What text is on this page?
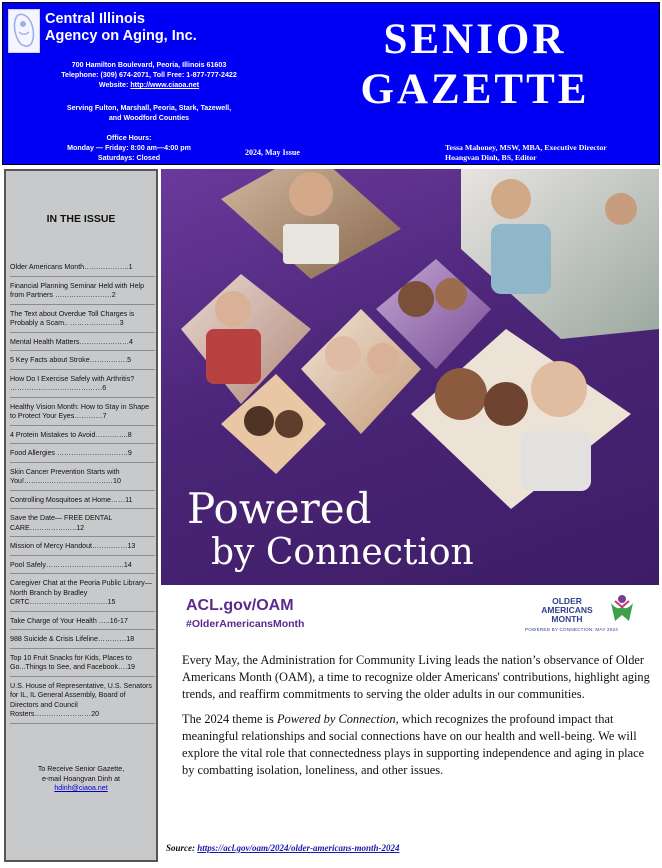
Central Illinois
Agency on Aging, Inc.
700 Hamilton Boulevard, Peoria, Illinois 61603
Telephone: (309) 674-2071, Toll Free: 1-877-777-2422
Website: http://www.ciaoa.net
Serving Fulton, Marshall, Peoria, Stark, Tazewell,
and Woodford Counties
Office Hours:
Monday — Friday: 8:00 am—4:00 pm
Saturdays: Closed
SENIOR
GAZETTE
2024, May Issue
Tessa Mahoney, MSW, MBA, Executive Director
Hoangvan Dinh, BS, Editor
IN THE ISSUE
Older Americans Month……………….1
Financial Planning Seminar Held with Help from Partners ……………………2
The Text about Overdue Toll Charges is Probably a Scam.. …………………3
Mental Health Matters…………………4
5 Key Facts about Stroke…………….5
How Do I Exercise Safely with Arthritis? …………………………………6
Healthy Vision Month: How to Stay in Shape to Protect Your Eyes…………7
4 Protein Mistakes to Avoid…………..8
Food Allergies …………………………9
Skin Cancer Prevention Starts with You!……..…………………………10
Controlling Mosquitoes at Home……11
Save the Date— FREE DENTAL CARE………………..12
Mission of Mercy Handout……………13
Pool Safely……………………………14
Caregiver Chat at the Peoria Public Library—North Branch by Bradley CRTC……………………………15
Take Charge of Your Health …..16-17
988 Suicide & Crisis Lifeline…………18
Top 10 Fruit Snacks for Kids, Places to Go...Things to See, and Facebook….19
U.S. House of Representative, U.S. Senators for IL, IL General Assembly, Board of Directors and Council Rosters……………………20
To Receive Senior Gazette,
e-mail Hoangvan Dinh at
hdinh@ciaoa.net
Powered
by Connection
ACL.gov/OAM
#OlderAmericansMonth
OLDER
AMERICANS
MONTH
POWERED BY CONNECTION: MAY 2024

Every May, the Administration for Community Living leads the nation’s observance of Older Americans Month (OAM), a time to recognize older Americans' contributions, highlight aging trends, and reaffirm commitments to serving the older adults in our communities.

The 2024 theme is Powered by Connection, which recognizes the profound impact that meaningful relationships and social connections have on our health and well-being. We will explore the vital role that connectedness plays in supporting independence and aging in place by combatting isolation, loneliness, and other issues.

Source: https://acl.gov/oam/2024/older-americans-month-2024
